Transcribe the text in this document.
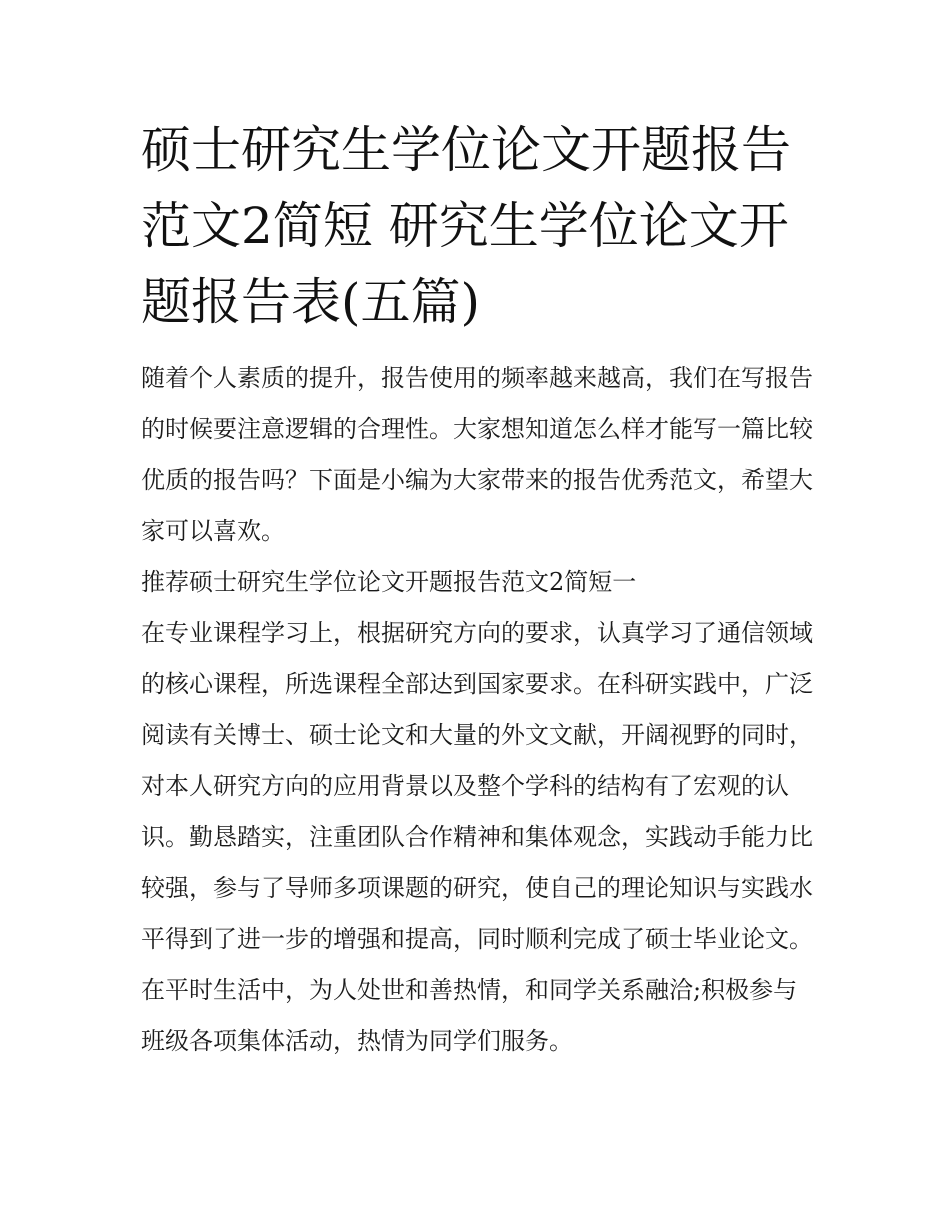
硕士研究生学位论文开题报告范文2简短 研究生学位论文开题报告表(五篇)

随着个人素质的提升，报告使用的频率越来越高，我们在写报告的时候要注意逻辑的合理性。大家想知道怎么样才能写一篇比较优质的报告吗？下面是小编为大家带来的报告优秀范文，希望大家可以喜欢。

推荐硕士研究生学位论文开题报告范文2简短一

在专业课程学习上，根据研究方向的要求，认真学习了通信领域的核心课程，所选课程全部达到国家要求。在科研实践中，广泛阅读有关博士、硕士论文和大量的外文文献，开阔视野的同时，对本人研究方向的应用背景以及整个学科的结构有了宏观的认识。勤恳踏实，注重团队合作精神和集体观念，实践动手能力比较强，参与了导师多项课题的研究，使自己的理论知识与实践水平得到了进一步的增强和提高，同时顺利完成了硕士毕业论文。

在平时生活中，为人处世和善热情，和同学关系融洽;积极参与班级各项集体活动，热情为同学们服务。
